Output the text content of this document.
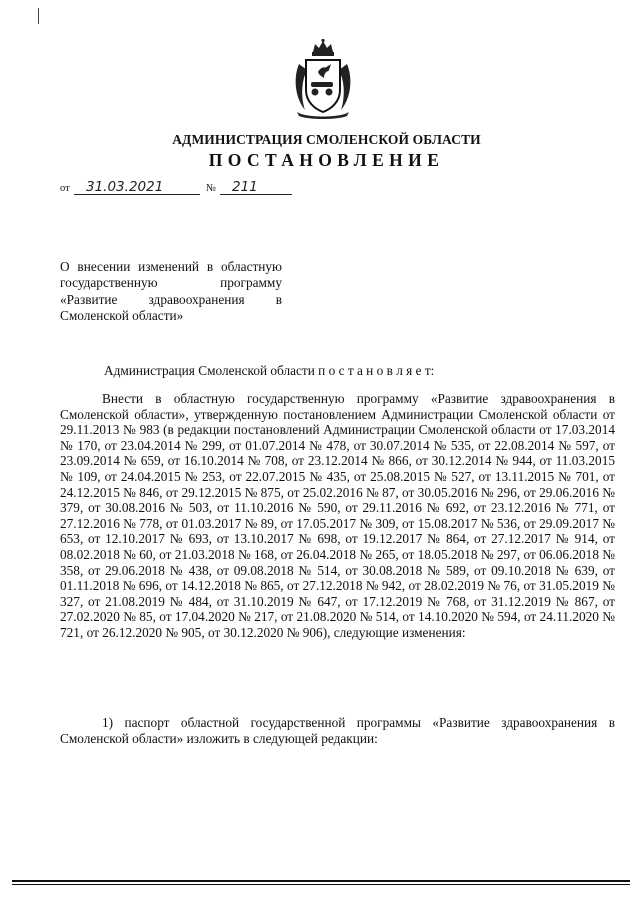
АДМИНИСТРАЦИЯ СМОЛЕНСКОЙ ОБЛАСТИ
ПОСТАНОВЛЕНИЕ
от 31.03.2021	№ 211
О внесении изменений в областную государственную программу «Развитие здравоохранения в Смоленской области»
Администрация Смоленской области п о с т а н о в л я е т:

Внести в областную государственную программу «Развитие здравоохранения в Смоленской области», утвержденную постановлением Администрации Смоленской области от 29.11.2013 № 983 (в редакции постановлений Администрации Смоленской области от 17.03.2014 № 170, от 23.04.2014 № 299, от 01.07.2014 № 478, от 30.07.2014 № 535, от 22.08.2014 № 597, от 23.09.2014 № 659, от 16.10.2014 № 708, от 23.12.2014 № 866, от 30.12.2014 № 944, от 11.03.2015 № 109, от 24.04.2015 № 253, от 22.07.2015 № 435, от 25.08.2015 № 527, от 13.11.2015 № 701, от 24.12.2015 № 846, от 29.12.2015 № 875, от 25.02.2016 № 87, от 30.05.2016 № 296, от 29.06.2016 № 379, от 30.08.2016 № 503, от 11.10.2016 № 590, от 29.11.2016 № 692, от 23.12.2016 № 771, от 27.12.2016 № 778, от 01.03.2017 № 89, от 17.05.2017 № 309, от 15.08.2017 № 536, от 29.09.2017 № 653, от 12.10.2017 № 693, от 13.10.2017 № 698, от 19.12.2017 № 864, от 27.12.2017 № 914, от 08.02.2018 № 60, от 21.03.2018 № 168, от 26.04.2018 № 265, от 18.05.2018 № 297, от 06.06.2018 № 358, от 29.06.2018 № 438, от 09.08.2018 № 514, от 30.08.2018 № 589, от 09.10.2018 № 639, от 01.11.2018 № 696, от 14.12.2018 № 865, от 27.12.2018 № 942, от 28.02.2019 № 76, от 31.05.2019 № 327, от 21.08.2019 № 484, от 31.10.2019 № 647, от 17.12.2019 № 768, от 31.12.2019 № 867, от 27.02.2020 № 85, от 17.04.2020 № 217, от 21.08.2020 № 514, от 14.10.2020 № 594, от 24.11.2020 № 721, от 26.12.2020 № 905, от 30.12.2020 № 906), следующие изменения:

1) паспорт областной государственной программы «Развитие здравоохранения в Смоленской области» изложить в следующей редакции:
